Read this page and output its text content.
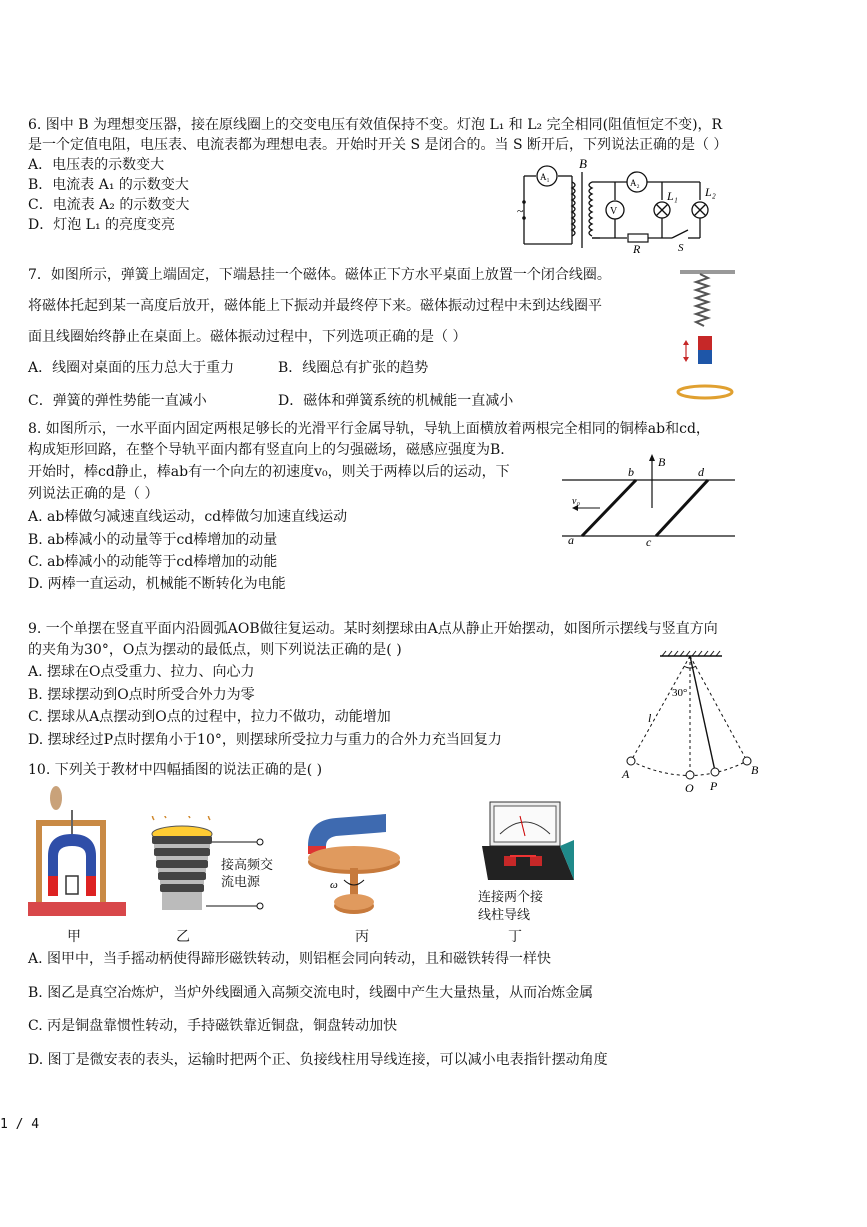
6. 图中 B 为理想变压器，接在原线圈上的交变电压有效值保持不变。灯泡 L₁ 和 L₂ 完全相同(阻值恒定不变)，R
是一个定值电阻，电压表、电流表都为理想电表。开始时开关 S 是闭合的。当 S 断开后，下列说法正确的是（ ）
A．电压表的示数变大
B．电流表 A₁ 的示数变大
C．电流表 A₂ 的示数变大
D．灯泡 L₁ 的亮度变亮
~
A₁
A₂
V
B
L₁ L₂
R	S
7．如图所示，弹簧上端固定，下端悬挂一个磁体。磁体正下方水平桌面上放置一个闭合线圈。
将磁体托起到某一高度后放开，磁体能上下振动并最终停下来。磁体振动过程中未到达线圈平
面且线圈始终静止在桌面上。磁体振动过程中，下列选项正确的是（ ）
A．线圈对桌面的压力总大于重力	B．线圈总有扩张的趋势
C．弹簧的弹性势能一直减小	D．磁体和弹簧系统的机械能一直减小
8. 如图所示，一水平面内固定两根足够长的光滑平行金属导轨，导轨上面横放着两根完全相同的铜棒ab和cd，
构成矩形回路，在整个导轨平面内都有竖直向上的匀强磁场，磁感应强度为B.
开始时，棒cd静止，棒ab有一个向左的初速度v₀，则关于两棒以后的运动，下
列说法正确的是（ ）
A. ab棒做匀减速直线运动，cd棒做匀加速直线运动
B. ab棒减小的动量等于cd棒增加的动量
C. ab棒减小的动能等于cd棒增加的动能
D. 两棒一直运动，机械能不断转化为电能
B
b	d
a	c
v₀
9. 一个单摆在竖直平面内沿圆弧AOB做往复运动。某时刻摆球由A点从静止开始摆动，如图所示摆线与竖直方向
的夹角为30°，O点为摆动的最低点，则下列说法正确的是( )
A. 摆球在O点受重力、拉力、向心力
B. 摆球摆动到O点时所受合外力为零
C. 摆球从A点摆动到O点的过程中，拉力不做功，动能增加
D. 摆球经过P点时摆角小于10°，则摆球所受拉力与重力的合外力充当回复力
30°
l
A
O P
B
10. 下列关于教材中四幅插图的说法正确的是( )
甲
接高频交
流电源
乙
ω
丙
连接两个接
线柱导线
丁
A. 图甲中，当手摇动柄使得蹄形磁铁转动，则铝框会同向转动，且和磁铁转得一样快
B. 图乙是真空冶炼炉，当炉外线圈通入高频交流电时，线圈中产生大量热量，从而冶炼金属
C. 丙是铜盘靠惯性转动，手持磁铁靠近铜盘，铜盘转动加快
D. 图丁是微安表的表头，运输时把两个正、负接线柱用导线连接，可以减小电表指针摆动角度
1 / 4
